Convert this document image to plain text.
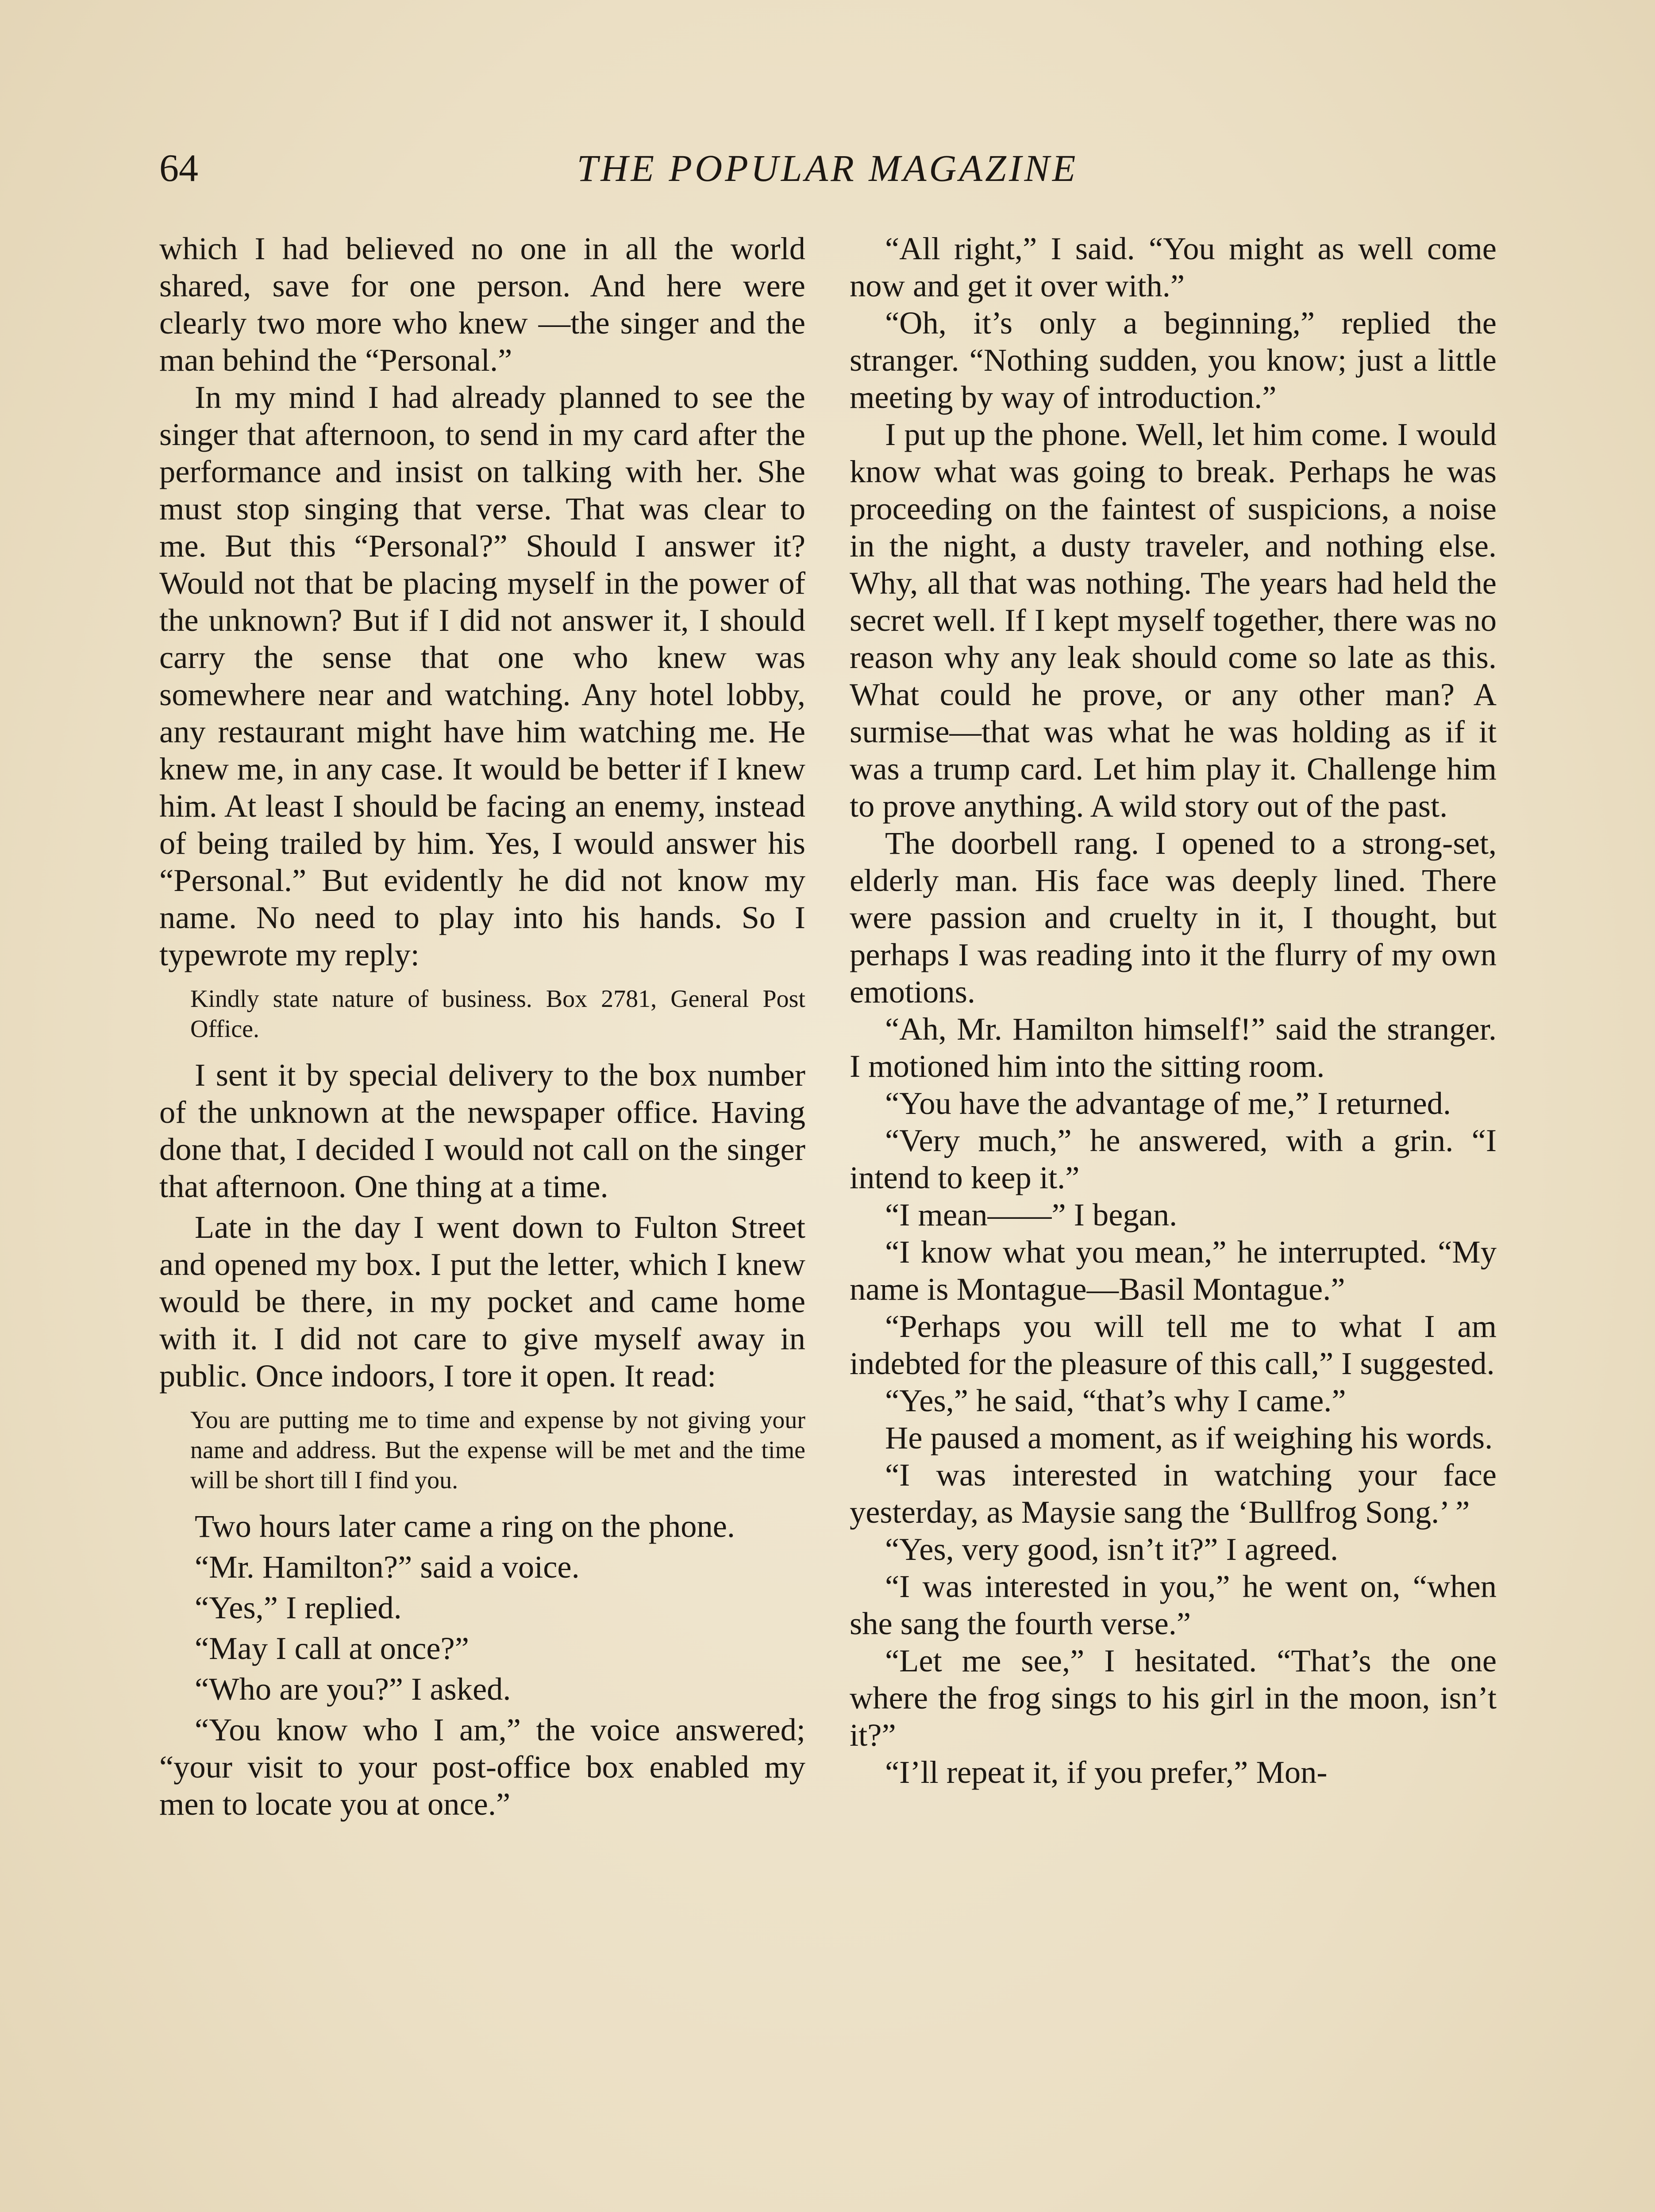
64	THE POPULAR MAGAZINE

which I had believed no one in all the world shared, save for one person. And here were clearly two more who knew —the singer and the man behind the “Personal.”

In my mind I had already planned to see the singer that afternoon, to send in my card after the performance and insist on talking with her. She must stop singing that verse. That was clear to me. But this “Personal?” Should I answer it? Would not that be placing myself in the power of the unknown? But if I did not answer it, I should carry the sense that one who knew was somewhere near and watching. Any hotel lobby, any restaurant might have him watching me. He knew me, in any case. It would be better if I knew him. At least I should be facing an enemy, instead of being trailed by him. Yes, I would answer his “Personal.” But evidently he did not know my name. No need to play into his hands. So I typewrote my reply:

Kindly state nature of business. Box 2781, General Post Office.

I sent it by special delivery to the box number of the unknown at the newspaper office. Having done that, I decided I would not call on the singer that afternoon. One thing at a time.

Late in the day I went down to Fulton Street and opened my box. I put the letter, which I knew would be there, in my pocket and came home with it. I did not care to give myself away in public. Once indoors, I tore it open. It read:

You are putting me to time and expense by not giving your name and address. But the expense will be met and the time will be short till I find you.

Two hours later came a ring on the phone.

“Mr. Hamilton?” said a voice.

“Yes,” I replied.

“May I call at once?”

“Who are you?” I asked.

“You know who I am,” the voice answered; “your visit to your post-office box enabled my men to locate you at once.”

“All right,” I said. “You might as well come now and get it over with.”

“Oh, it’s only a beginning,” replied the stranger. “Nothing sudden, you know; just a little meeting by way of introduction.”

I put up the phone. Well, let him come. I would know what was going to break. Perhaps he was proceeding on the faintest of suspicions, a noise in the night, a dusty traveler, and nothing else. Why, all that was nothing. The years had held the secret well. If I kept myself together, there was no reason why any leak should come so late as this. What could he prove, or any other man? A surmise—that was what he was holding as if it was a trump card. Let him play it. Challenge him to prove anything. A wild story out of the past.

The doorbell rang. I opened to a strong-set, elderly man. His face was deeply lined. There were passion and cruelty in it, I thought, but perhaps I was reading into it the flurry of my own emotions.

“Ah, Mr. Hamilton himself!” said the stranger. I motioned him into the sitting room.

“You have the advantage of me,” I returned.

“Very much,” he answered, with a grin. “I intend to keep it.”

“I mean——” I began.

“I know what you mean,” he interrupted. “My name is Montague—Basil Montague.”

“Perhaps you will tell me to what I am indebted for the pleasure of this call,” I suggested.

“Yes,” he said, “that’s why I came.”

He paused a moment, as if weighing his words.

“I was interested in watching your face yesterday, as Maysie sang the ‘Bullfrog Song.’ ”

“Yes, very good, isn’t it?” I agreed.

“I was interested in you,” he went on, “when she sang the fourth verse.”

“Let me see,” I hesitated. “That’s the one where the frog sings to his girl in the moon, isn’t it?”

“I’ll repeat it, if you prefer,” Mon-
